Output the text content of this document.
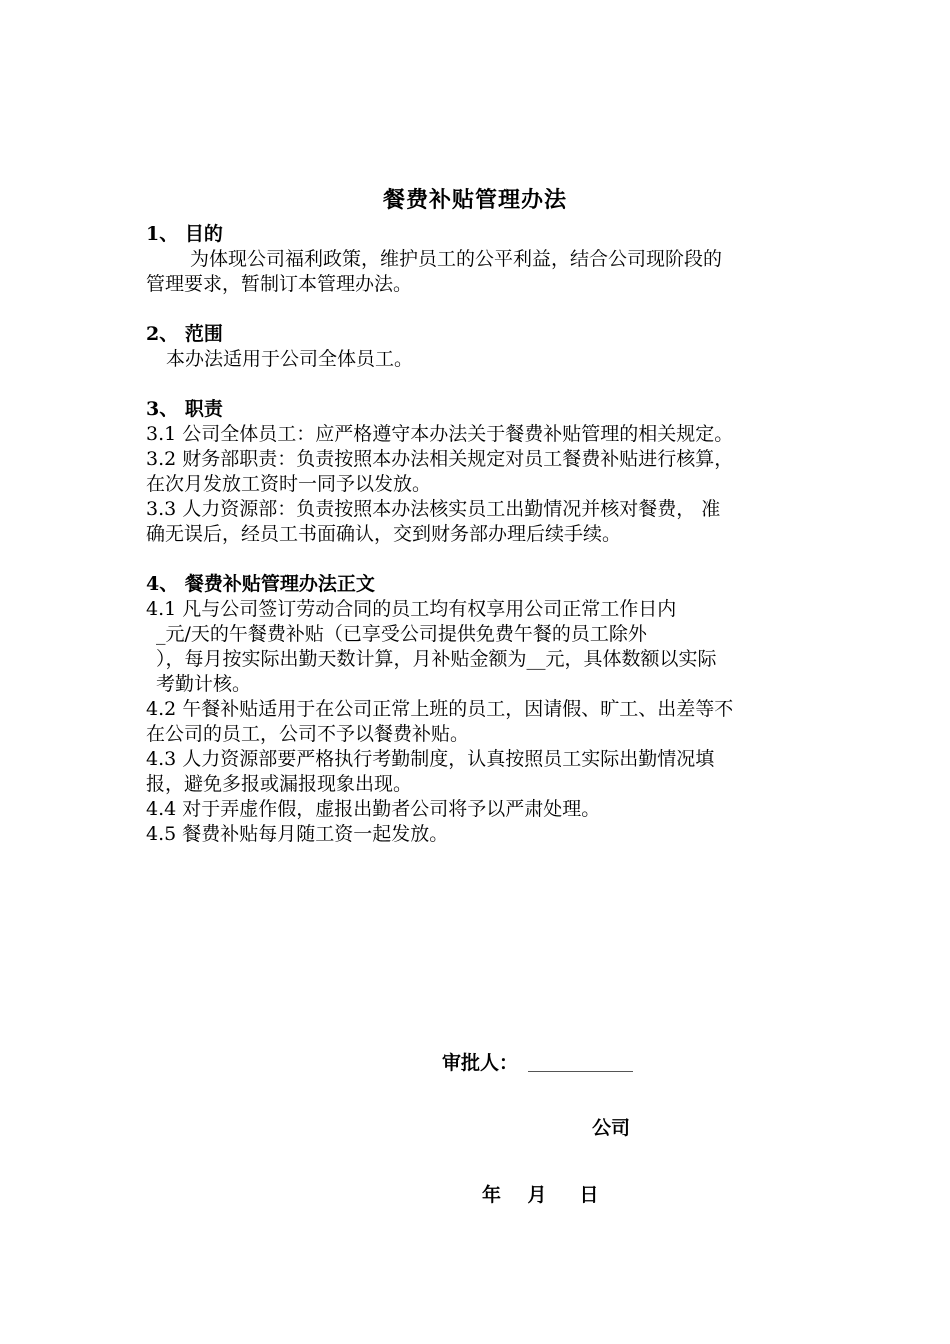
餐费补贴管理办法

1、 目的

为体现公司福利政策，维护员工的公平利益，结合公司现阶段的

管理要求，暂制订本管理办法。

2、 范围

本办法适用于公司全体员工。

3、 职责

3.1 公司全体员工：应严格遵守本办法关于餐费补贴管理的相关规定。

3.2 财务部职责：负责按照本办法相关规定对员工餐费补贴进行核算，

在次月发放工资时一同予以发放。

3.3 人力资源部：负责按照本办法核实员工出勤情况并核对餐费， 准

确无误后，经员工书面确认，交到财务部办理后续手续。

4、 餐费补贴管理办法正文

4.1 凡与公司签订劳动合同的员工均有权享用公司正常工作日内

_元/天的午餐费补贴（已享受公司提供免费午餐的员工除外

），每月按实际出勤天数计算，月补贴金额为__元，具体数额以实际

考勤计核。

4.2 午餐补贴适用于在公司正常上班的员工，因请假、旷工、出差等不

在公司的员工，公司不予以餐费补贴。

4.3 人力资源部要严格执行考勤制度，认真按照员工实际出勤情况填

报，避免多报或漏报现象出现。

4.4 对于弄虚作假，虚报出勤者公司将予以严肃处理。

4.5 餐费补贴每月随工资一起发放。

审批人：
公司
年    月     日
